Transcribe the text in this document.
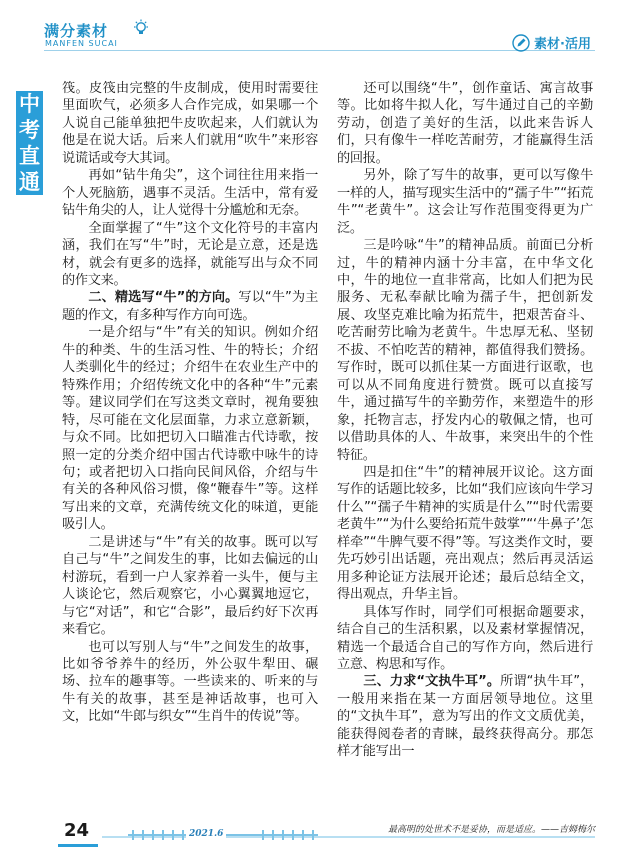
满分素材
MANFEN SUCAI	素材·活用
中
考
直
通
车

筏。皮筏由完整的牛皮制成，使用时需要往里面吹气，必须多人合作完成，如果哪一个人说自己能单独把牛皮吹起来，人们就认为他是在说大话。后来人们就用“吹牛”来形容说谎话或夸大其词。

再如“钻牛角尖”，这个词往往用来指一个人死脑筋，遇事不灵活。生活中，常有爱钻牛角尖的人，让人觉得十分尴尬和无奈。

全面掌握了“牛”这个文化符号的丰富内涵，我们在写“牛”时，无论是立意，还是选材，就会有更多的选择，就能写出与众不同的作文来。

二、精选写“牛”的方向。写以“牛”为主题的作文，有多种写作方向可选。

一是介绍与“牛”有关的知识。例如介绍牛的种类、牛的生活习性、牛的特长；介绍人类驯化牛的经过；介绍牛在农业生产中的特殊作用；介绍传统文化中的各种“牛”元素等。建议同学们在写这类文章时，视角要独特，尽可能在文化层面靠，力求立意新颖，与众不同。比如把切入口瞄准古代诗歌，按照一定的分类介绍中国古代诗歌中咏牛的诗句；或者把切入口指向民间风俗，介绍与牛有关的各种风俗习惯，像“鞭春牛”等。这样写出来的文章，充满传统文化的味道，更能吸引人。

二是讲述与“牛”有关的故事。既可以写自己与“牛”之间发生的事，比如去偏远的山村游玩，看到一户人家养着一头牛，便与主人谈论它，然后观察它，小心翼翼地逗它，与它“对话”，和它“合影”，最后约好下次再来看它。

也可以写别人与“牛”之间发生的故事，比如爷爷养牛的经历，外公驭牛犁田、碾场、拉车的趣事等。一些读来的、听来的与牛有关的故事，甚至是神话故事，也可入文，比如“牛郎与织女”“生肖牛的传说”等。

还可以围绕“牛”，创作童话、寓言故事等。比如将牛拟人化，写牛通过自己的辛勤劳动，创造了美好的生活，以此来告诉人们，只有像牛一样吃苦耐劳，才能赢得生活的回报。

另外，除了写牛的故事，更可以写像牛一样的人，描写现实生活中的“孺子牛”“拓荒牛”“老黄牛”。这会让写作范围变得更为广泛。

三是吟咏“牛”的精神品质。前面已分析过，牛的精神内涵十分丰富，在中华文化中，牛的地位一直非常高，比如人们把为民服务、无私奉献比喻为孺子牛，把创新发展、攻坚克难比喻为拓荒牛，把艰苦奋斗、吃苦耐劳比喻为老黄牛。牛忠厚无私、坚韧不拔、不怕吃苦的精神，都值得我们赞扬。写作时，既可以抓住某一方面进行讴歌，也可以从不同角度进行赞赏。既可以直接写牛，通过描写牛的辛勤劳作，来塑造牛的形象，托物言志，抒发内心的敬佩之情，也可以借助具体的人、牛故事，来突出牛的个性特征。

四是扣住“牛”的精神展开议论。这方面写作的话题比较多，比如“我们应该向牛学习什么”“孺子牛精神的实质是什么”“时代需要老黄牛”“为什么要给拓荒牛鼓掌”“‘牛鼻子’怎样牵”“牛脾气要不得”等。写这类作文时，要先巧妙引出话题，亮出观点；然后再灵活运用多种论证方法展开论述；最后总结全文，得出观点，升华主旨。

具体写作时，同学们可根据命题要求，结合自己的生活积累，以及素材掌握情况，精选一个最适合自己的写作方向，然后进行立意、构思和写作。

三、力求“文执牛耳”。所谓“执牛耳”，一般用来指在某一方面居领导地位。这里的“文执牛耳”，意为写出的作文文质优美，能获得阅卷者的青睐，最终获得高分。那怎样才能写出一

24	2021.6	最高明的处世术不是妥协，而是适应。——吉姆梅尔
